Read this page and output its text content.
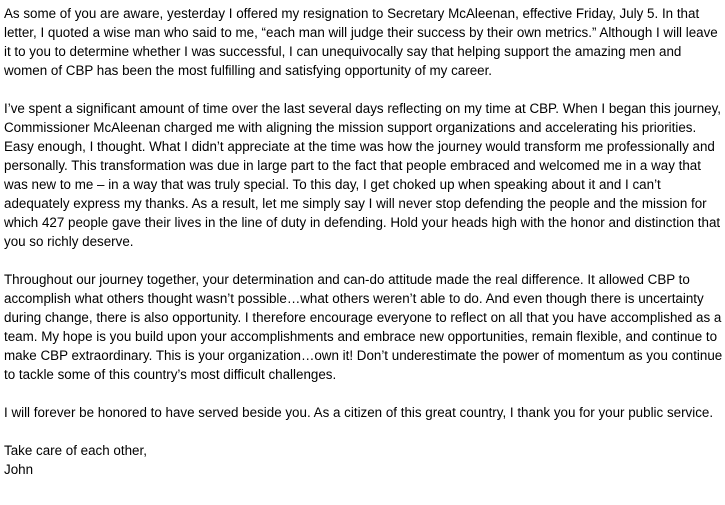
As some of you are aware, yesterday I offered my resignation to Secretary McAleenan, effective Friday, July 5. In that letter, I quoted a wise man who said to me, “each man will judge their success by their own metrics.” Although I will leave it to you to determine whether I was successful, I can unequivocally say that helping support the amazing men and women of CBP has been the most fulfilling and satisfying opportunity of my career.

I’ve spent a significant amount of time over the last several days reflecting on my time at CBP. When I began this journey, Commissioner McAleenan charged me with aligning the mission support organizations and accelerating his priorities. Easy enough, I thought. What I didn’t appreciate at the time was how the journey would transform me professionally and personally. This transformation was due in large part to the fact that people embraced and welcomed me in a way that was new to me – in a way that was truly special. To this day, I get choked up when speaking about it and I can’t adequately express my thanks. As a result, let me simply say I will never stop defending the people and the mission for which 427 people gave their lives in the line of duty in defending. Hold your heads high with the honor and distinction that you so richly deserve.

Throughout our journey together, your determination and can-do attitude made the real difference. It allowed CBP to accomplish what others thought wasn’t possible…what others weren’t able to do. And even though there is uncertainty during change, there is also opportunity. I therefore encourage everyone to reflect on all that you have accomplished as a team. My hope is you build upon your accomplishments and embrace new opportunities, remain flexible, and continue to make CBP extraordinary. This is your organization…own it! Don’t underestimate the power of momentum as you continue to tackle some of this country’s most difficult challenges.

I will forever be honored to have served beside you. As a citizen of this great country, I thank you for your public service.

Take care of each other,

John
